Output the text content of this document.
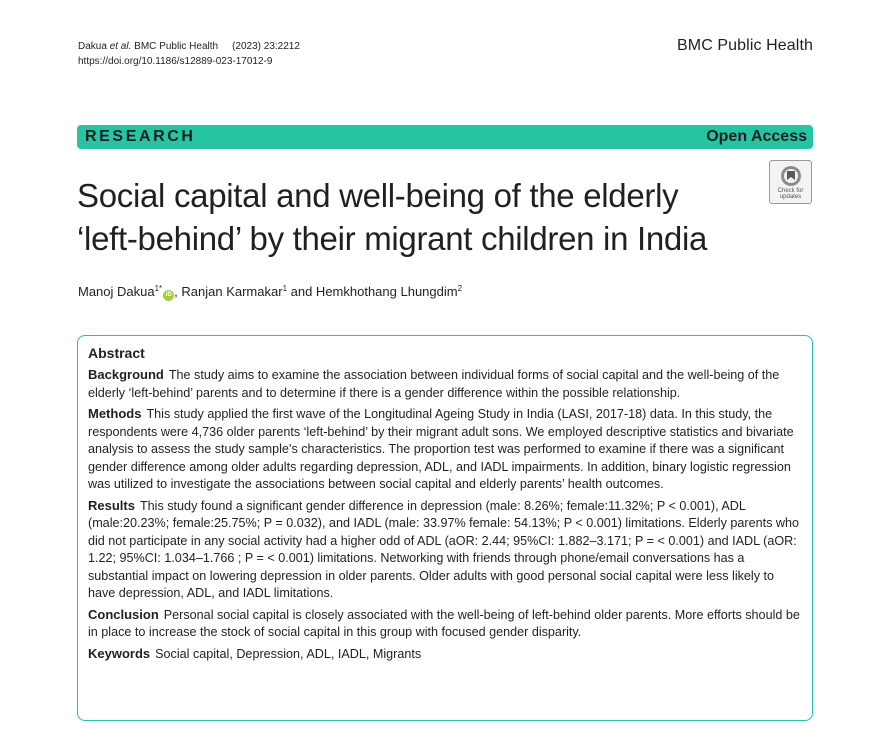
Dakua et al. BMC Public Health (2023) 23:2212
https://doi.org/10.1186/s12889-023-17012-9
BMC Public Health
RESEARCH	Open Access
Social capital and well-being of the elderly
‘left-behind’ by their migrant children in India
Check for
updates
Manoj Dakua$^{1*}$iD , Ranjan Karmakar$^1$ and Hemkhothang Lhungdim$^2$
Abstract

Background The study aims to examine the association between individual forms of social capital and the well-being of the elderly ‘left-behind’ parents and to determine if there is a gender difference within the possible relationship.

Methods This study applied the first wave of the Longitudinal Ageing Study in India (LASI, 2017-18) data. In this study, the respondents were 4,736 older parents ‘left-behind’ by their migrant adult sons. We employed descriptive statistics and bivariate analysis to assess the study sample’s characteristics. The proportion test was performed to examine if there was a significant gender difference among older adults regarding depression, ADL, and IADL impairments. In addition, binary logistic regression was utilized to investigate the associations between social capital and elderly parents’ health outcomes.

Results This study found a significant gender difference in depression (male: 8.26%; female:11.32%; P < 0.001), ADL (male:20.23%; female:25.75%; P = 0.032), and IADL (male: 33.97% female: 54.13%; P < 0.001) limitations. Elderly parents who did not participate in any social activity had a higher odd of ADL (aOR: 2.44; 95%CI: 1.882–3.171; P = < 0.001) and IADL (aOR: 1.22; 95%CI: 1.034–1.766 ; P = < 0.001) limitations. Networking with friends through phone/email conversations has a substantial impact on lowering depression in older parents. Older adults with good personal social capital were less likely to have depression, ADL, and IADL limitations.

Conclusion Personal social capital is closely associated with the well-being of left-behind older parents. More efforts should be in place to increase the stock of social capital in this group with focused gender disparity.

Keywords Social capital, Depression, ADL, IADL, Migrants
